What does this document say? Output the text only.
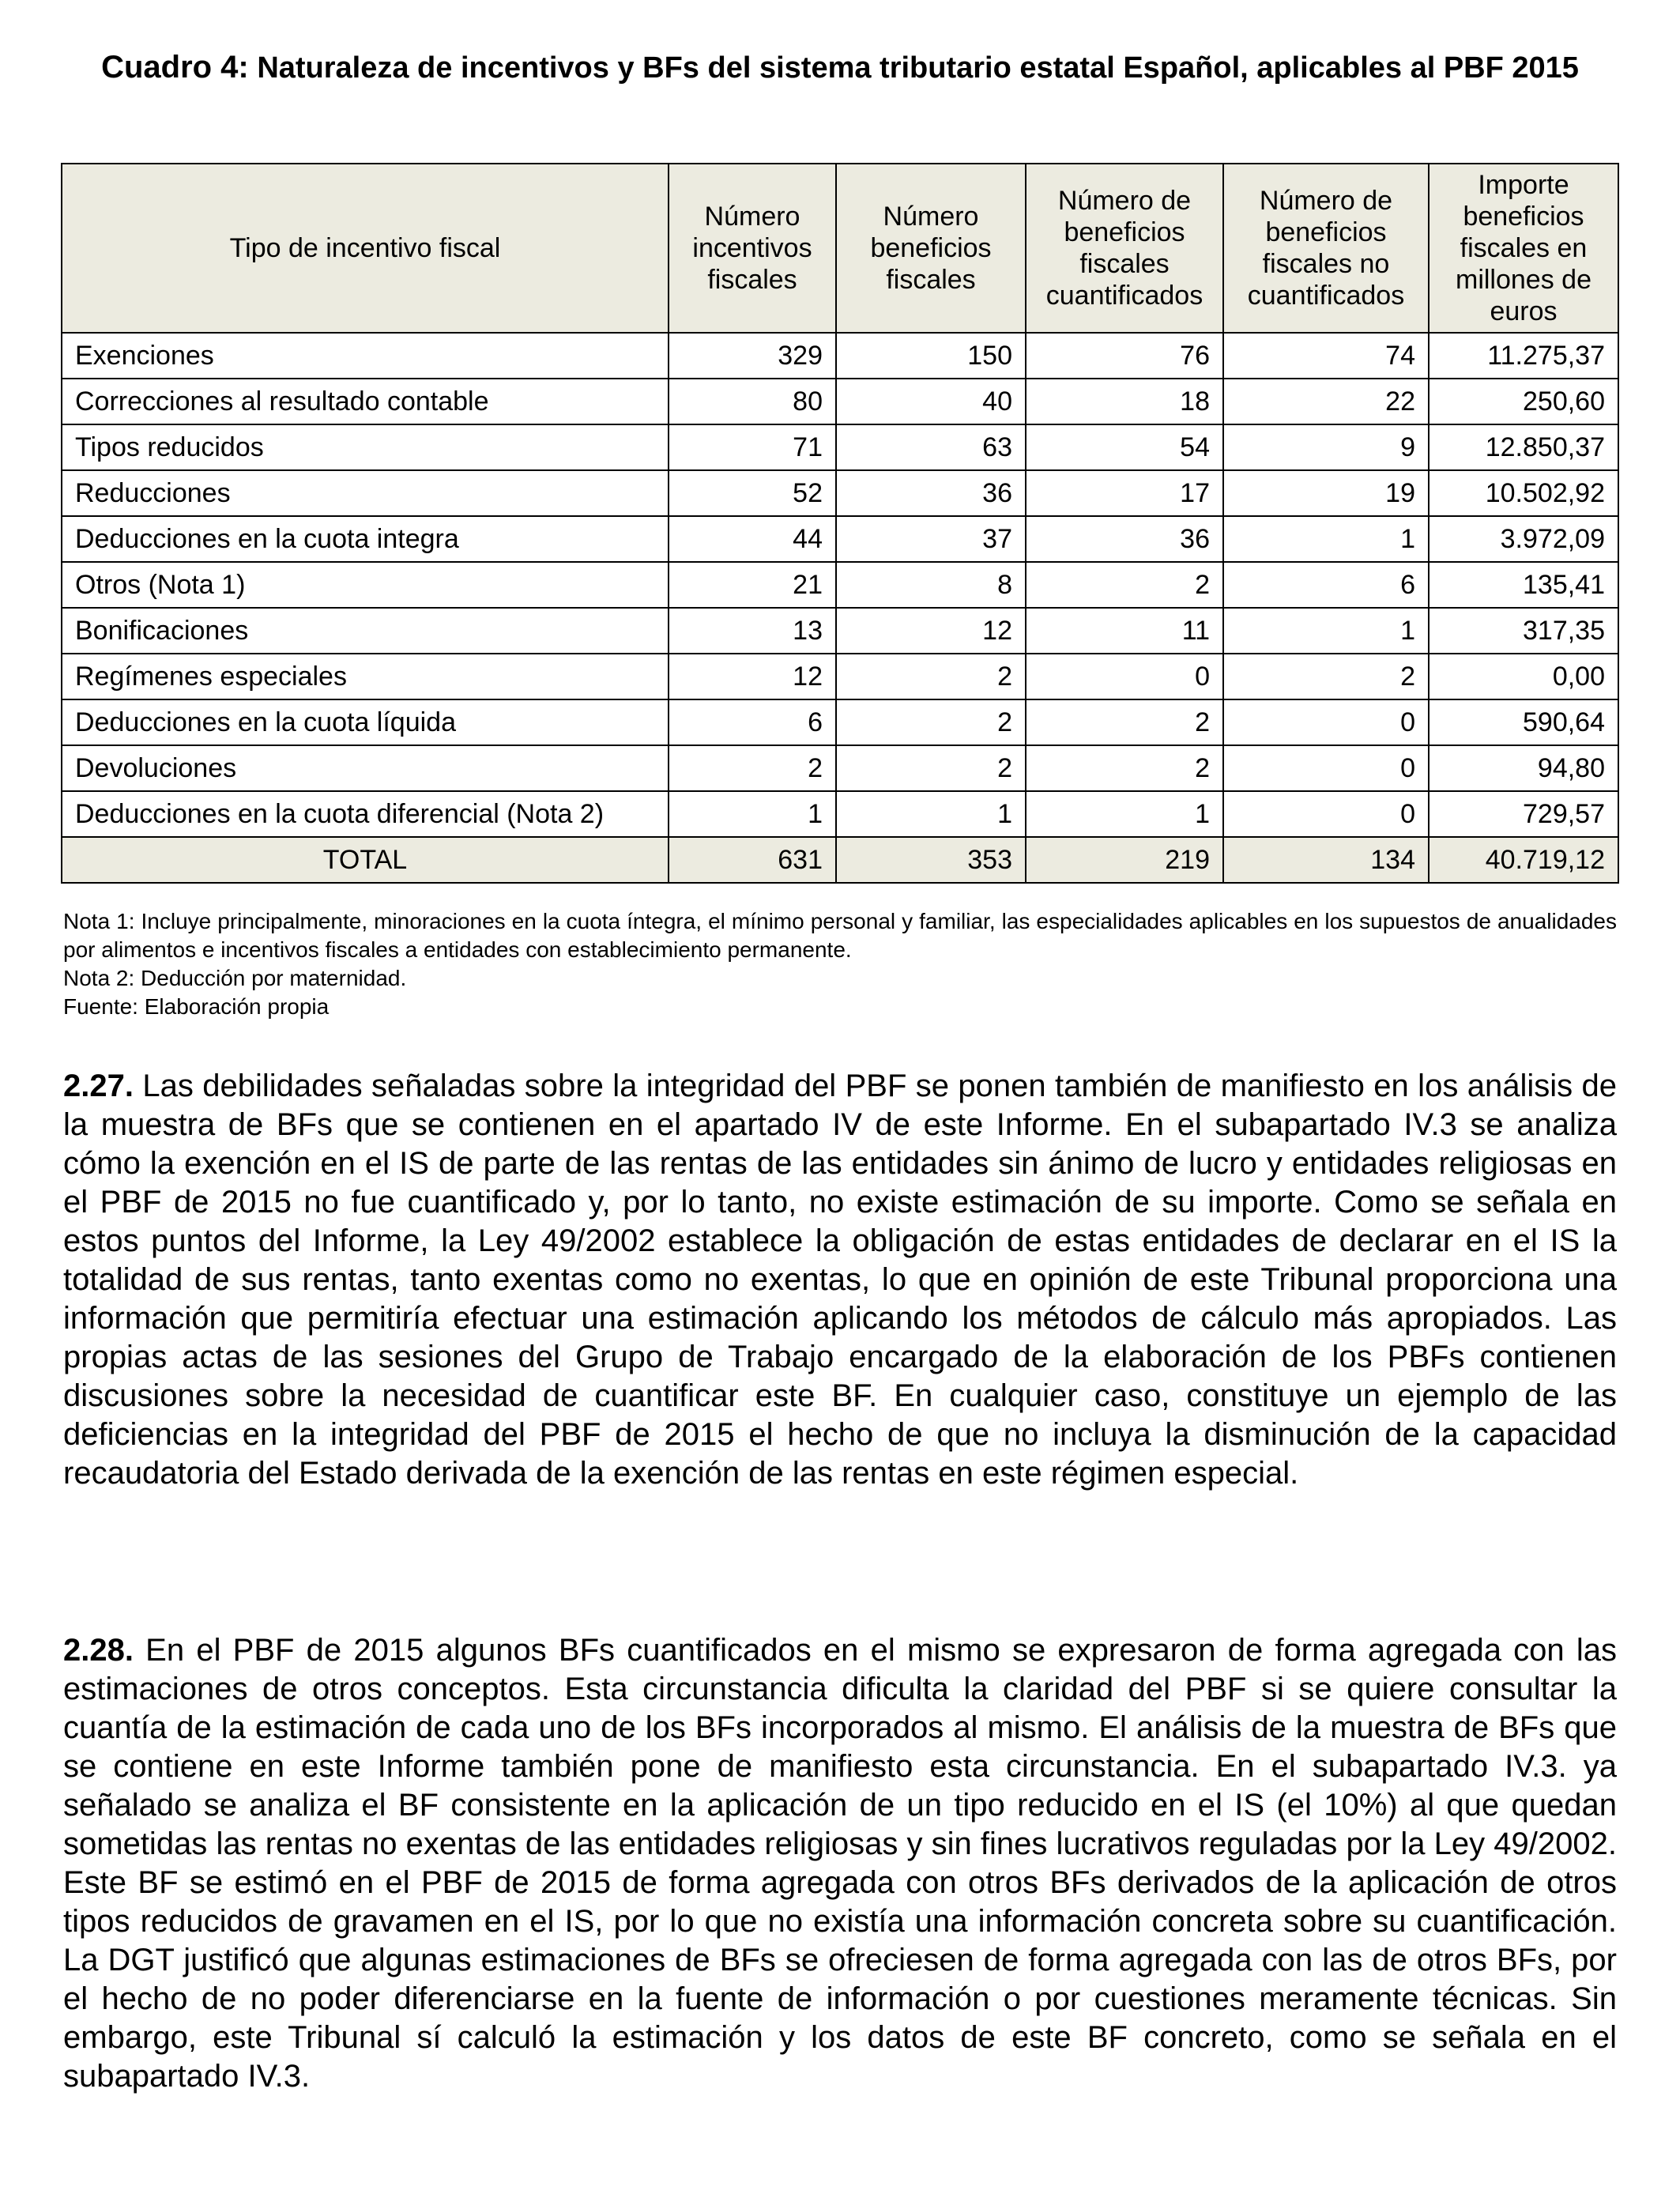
Cuadro 4: Naturaleza de incentivos y BFs del sistema tributario estatal Español, aplicables al PBF 2015
Tipo de incentivo fiscal	Número incentivos fiscales	Número beneficios fiscales	Número de beneficios fiscales cuantificados	Número de beneficios fiscales no cuantificados	Importe beneficios fiscales en millones de euros
Exenciones	329	150	76	74	11.275,37
Correcciones al resultado contable	80	40	18	22	250,60
Tipos reducidos	71	63	54	9	12.850,37
Reducciones	52	36	17	19	10.502,92
Deducciones en la cuota integra	44	37	36	1	3.972,09
Otros (Nota 1)	21	8	2	6	135,41
Bonificaciones	13	12	11	1	317,35
Regímenes especiales	12	2	0	2	0,00
Deducciones en la cuota líquida	6	2	2	0	590,64
Devoluciones	2	2	2	0	94,80
Deducciones en la cuota diferencial (Nota 2)	1	1	1	0	729,57
TOTAL	631	353	219	134	40.719,12

Nota 1: Incluye principalmente, minoraciones en la cuota íntegra, el mínimo personal y familiar, las especialidades aplicables en los supuestos de anualidades por alimentos e incentivos fiscales a entidades con establecimiento permanente.

Nota 2: Deducción por maternidad.

Fuente: Elaboración propia

2.27. Las debilidades señaladas sobre la integridad del PBF se ponen también de manifiesto en los análisis de la muestra de BFs que se contienen en el apartado IV de este Informe. En el subapartado IV.3 se analiza cómo la exención en el IS de parte de las rentas de las entidades sin ánimo de lucro y entidades religiosas en el PBF de 2015 no fue cuantificado y, por lo tanto, no existe estimación de su importe. Como se señala en estos puntos del Informe, la Ley 49/2002 establece la obligación de estas entidades de declarar en el IS la totalidad de sus rentas, tanto exentas como no exentas, lo que en opinión de este Tribunal proporciona una información que permitiría efectuar una estimación aplicando los métodos de cálculo más apropiados. Las propias actas de las sesiones del Grupo de Trabajo encargado de la elaboración de los PBFs contienen discusiones sobre la necesidad de cuantificar este BF. En cualquier caso, constituye un ejemplo de las deficiencias en la integridad del PBF de 2015 el hecho de que no incluya la disminución de la capacidad recaudatoria del Estado derivada de la exención de las rentas en este régimen especial.

2.28. En el PBF de 2015 algunos BFs cuantificados en el mismo se expresaron de forma agregada con las estimaciones de otros conceptos. Esta circunstancia dificulta la claridad del PBF si se quiere consultar la cuantía de la estimación de cada uno de los BFs incorporados al mismo. El análisis de la muestra de BFs que se contiene en este Informe también pone de manifiesto esta circunstancia. En el subapartado IV.3. ya señalado se analiza el BF consistente en la aplicación de un tipo reducido en el IS (el 10%) al que quedan sometidas las rentas no exentas de las entidades religiosas y sin fines lucrativos reguladas por la Ley 49/2002. Este BF se estimó en el PBF de 2015 de forma agregada con otros BFs derivados de la aplicación de otros tipos reducidos de gravamen en el IS, por lo que no existía una información concreta sobre su cuantificación. La DGT justificó que algunas estimaciones de BFs se ofreciesen de forma agregada con las de otros BFs, por el hecho de no poder diferenciarse en la fuente de información o por cuestiones meramente técnicas. Sin embargo, este Tribunal sí calculó la estimación y los datos de este BF concreto, como se señala en el subapartado IV.3.
